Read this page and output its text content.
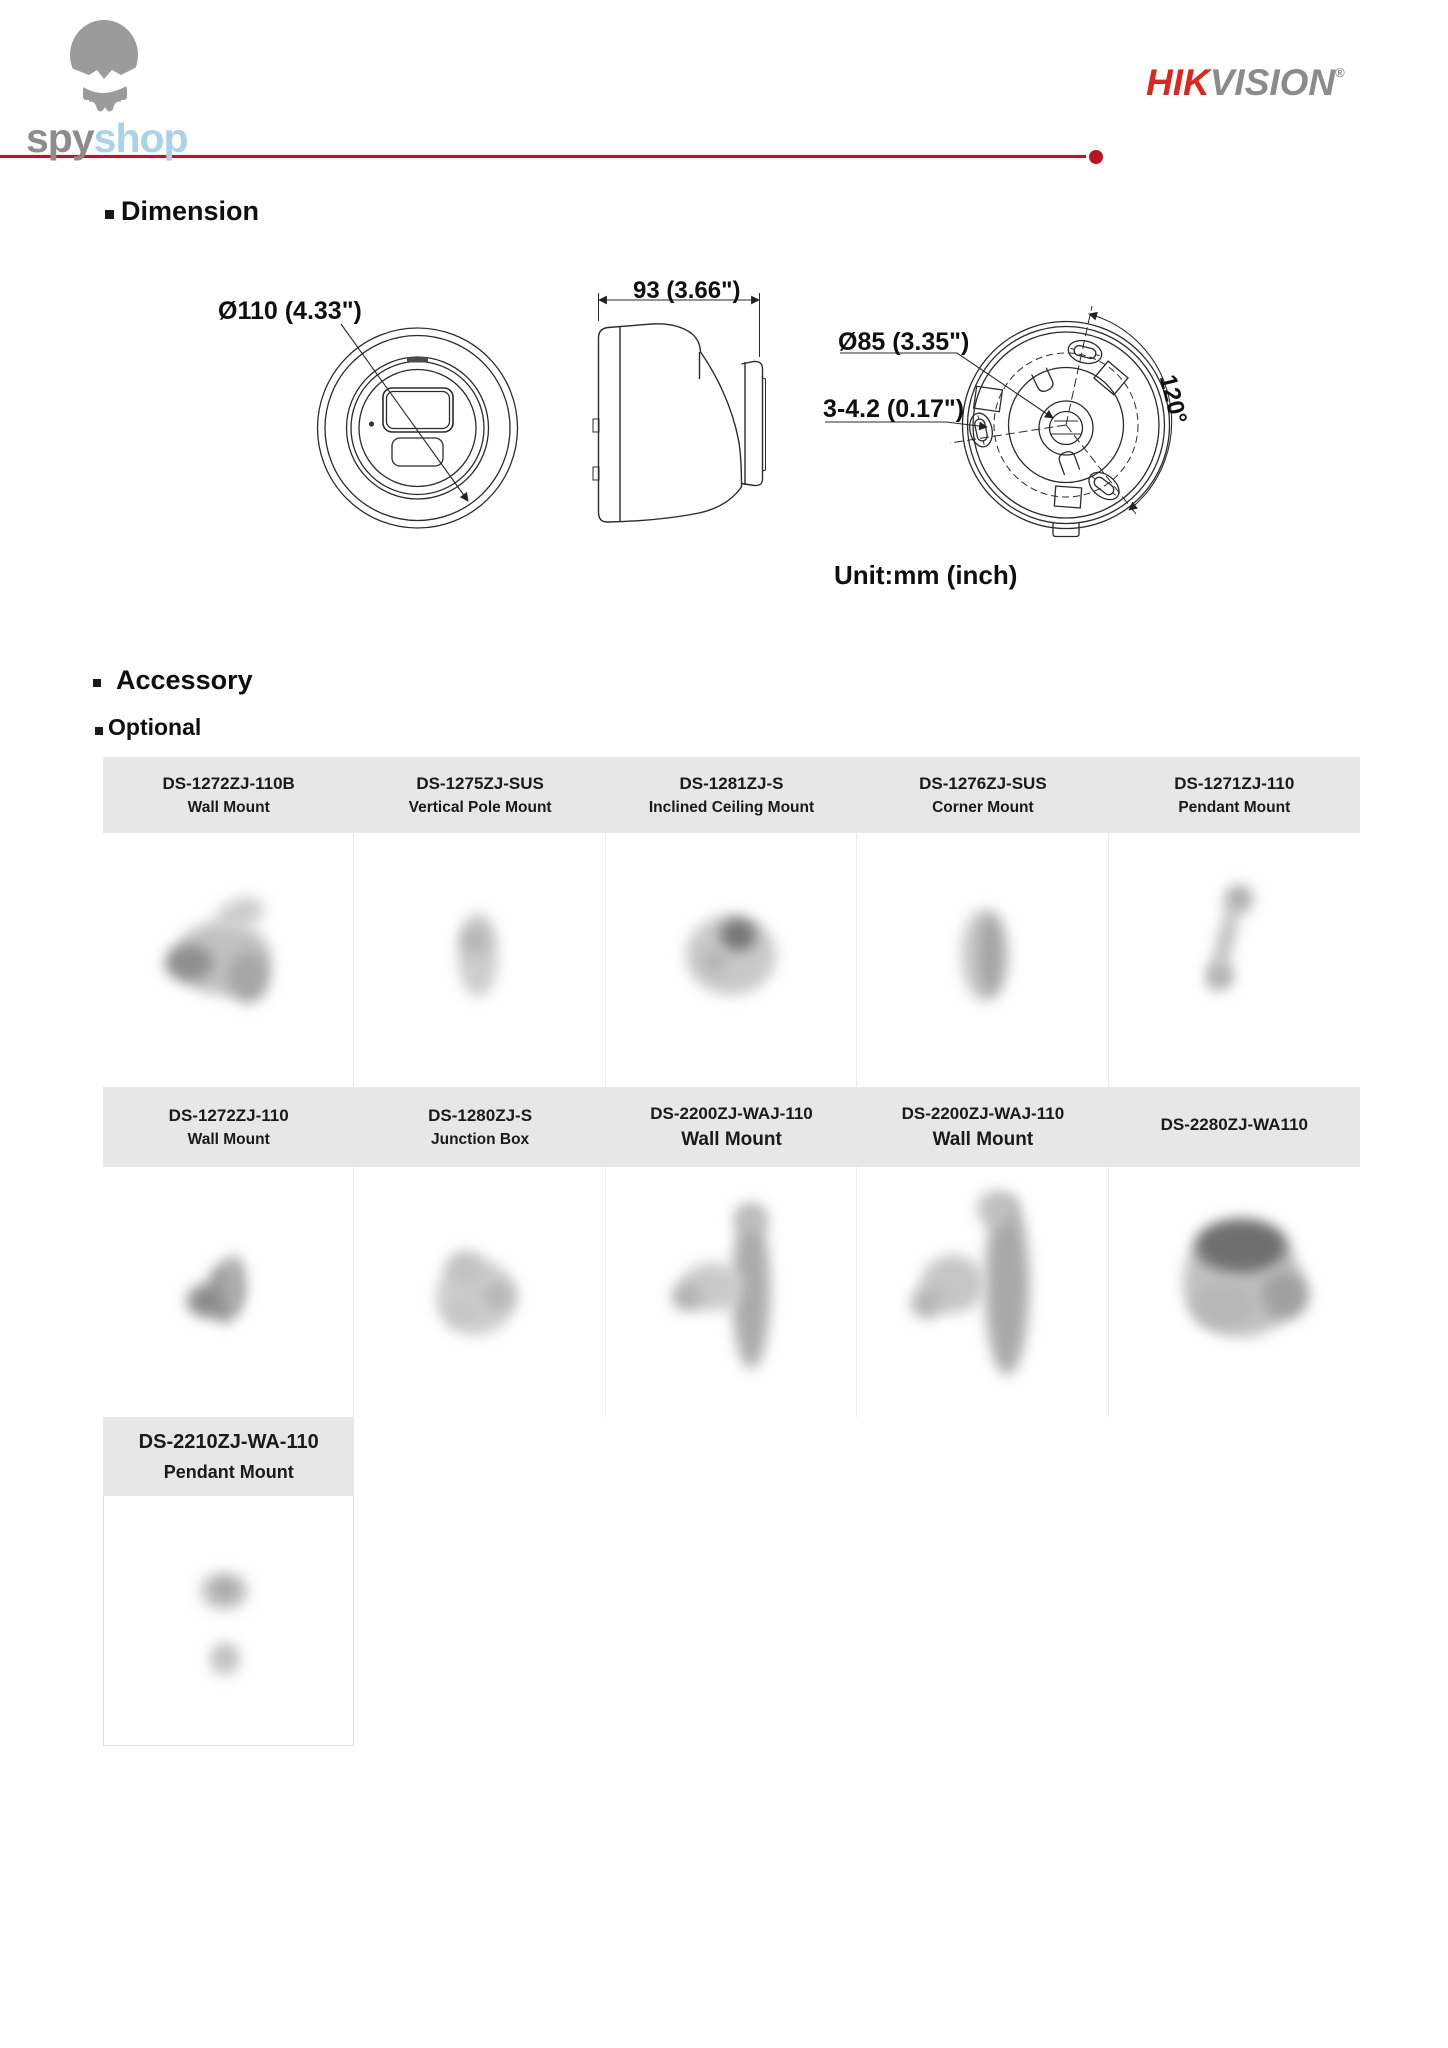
spyshop
HIKVISION®
Dimension
Ø110 (4.33")
93 (3.66")
Ø85 (3.35")
3-4.2 (0.17")	120°
Unit:mm (inch)
Accessory
Optional
DS-1272ZJ-110B
Wall Mount
DS-1275ZJ-SUS
Vertical Pole Mount
DS-1281ZJ-S
Inclined Ceiling Mount
DS-1276ZJ-SUS
Corner Mount
DS-1271ZJ-110
Pendant Mount
DS-1272ZJ-110
Wall Mount
DS-1280ZJ-S
Junction Box
DS-2200ZJ-WAJ-110
Wall Mount
DS-2200ZJ-WAJ-110
Wall Mount
DS-2280ZJ-WA110
DS-2210ZJ-WA-110
Pendant Mount
